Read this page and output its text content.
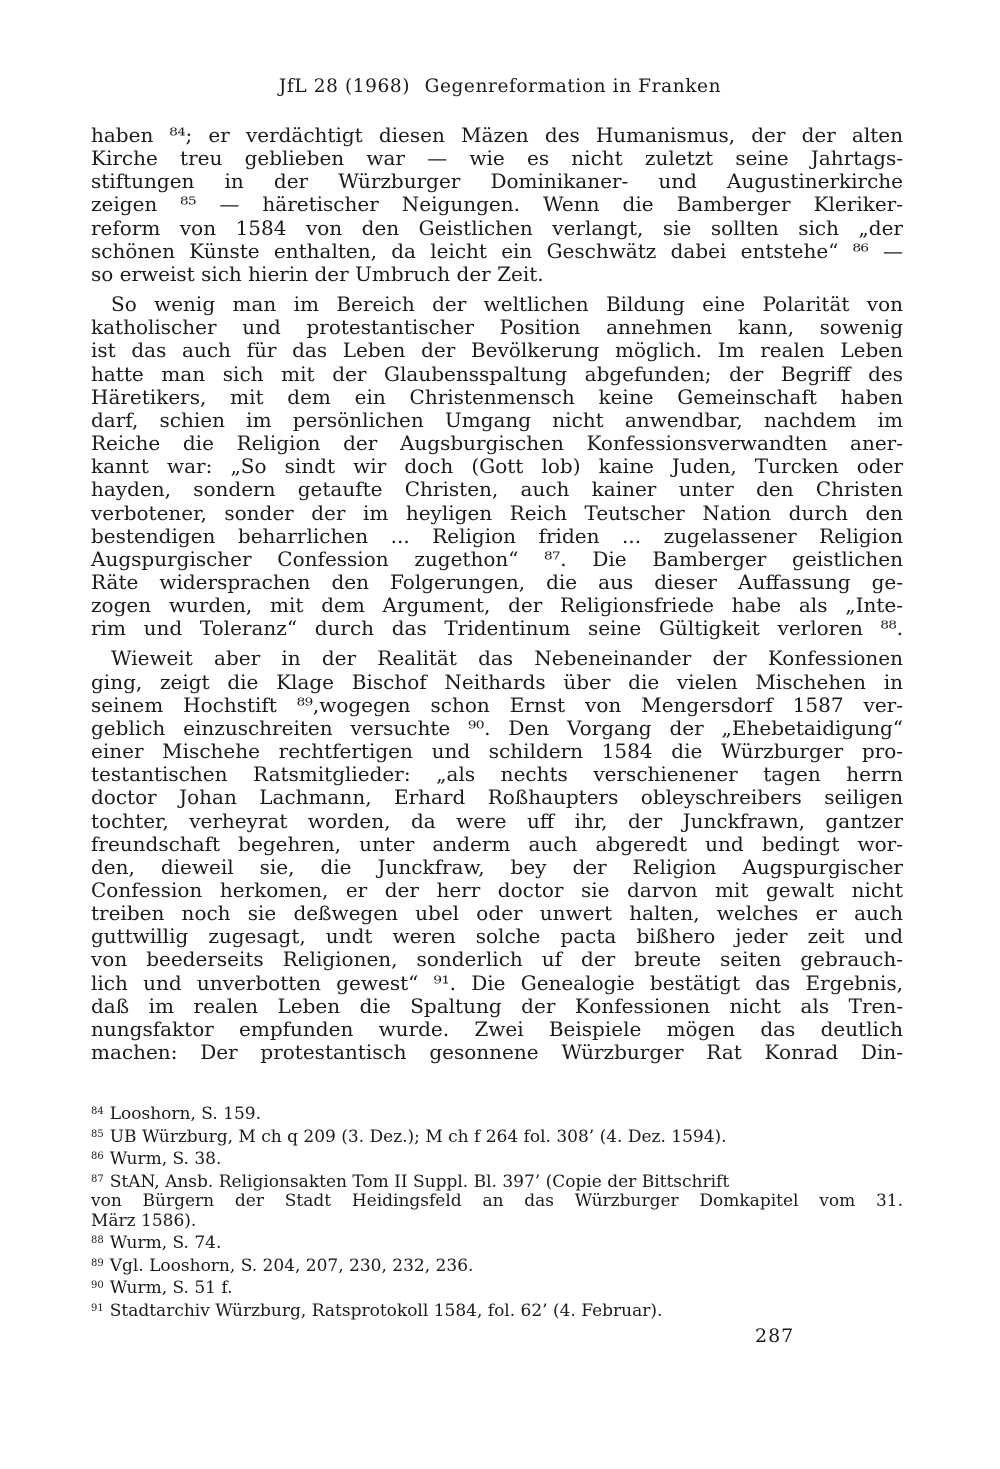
JfL 28 (1968) Gegenreformation in Franken

haben ⁸⁴; er verdächtigt diesen Mäzen des Humanismus, der der alten
Kirche treu geblieben war — wie es nicht zuletzt seine Jahrtags-
stiftungen in der Würzburger Dominikaner- und Augustinerkirche
zeigen ⁸⁵ — häretischer Neigungen. Wenn die Bamberger Kleriker-
reform von 1584 von den Geistlichen verlangt, sie sollten sich „der
schönen Künste enthalten, da leicht ein Geschwätz dabei entstehe“ ⁸⁶ —
so erweist sich hierin der Umbruch der Zeit.

So wenig man im Bereich der weltlichen Bildung eine Polarität von
katholischer und protestantischer Position annehmen kann, sowenig
ist das auch für das Leben der Bevölkerung möglich. Im realen Leben
hatte man sich mit der Glaubensspaltung abgefunden; der Begriff des
Häretikers, mit dem ein Christenmensch keine Gemeinschaft haben
darf, schien im persönlichen Umgang nicht anwendbar, nachdem im
Reiche die Religion der Augsburgischen Konfessionsverwandten aner-
kannt war: „So sindt wir doch (Gott lob) kaine Juden, Turcken oder
hayden, sondern getaufte Christen, auch kainer unter den Christen
verbotener, sonder der im heyligen Reich Teutscher Nation durch den
bestendigen beharrlichen ... Religion friden ... zugelassener Religion
Augspurgischer Confession zugethon“ ⁸⁷. Die Bamberger geistlichen
Räte widersprachen den Folgerungen, die aus dieser Auffassung ge-
zogen wurden, mit dem Argument, der Religionsfriede habe als „Inte-
rim und Toleranz“ durch das Tridentinum seine Gültigkeit verloren ⁸⁸.

Wieweit aber in der Realität das Nebeneinander der Konfessionen
ging, zeigt die Klage Bischof Neithards über die vielen Mischehen in
seinem Hochstift ⁸⁹,wogegen schon Ernst von Mengersdorf 1587 ver-
geblich einzuschreiten versuchte ⁹⁰. Den Vorgang der „Ehebetaidigung“
einer Mischehe rechtfertigen und schildern 1584 die Würzburger pro-
testantischen Ratsmitglieder: „als nechts verschienener tagen herrn
doctor Johan Lachmann, Erhard Roßhaupters obleyschreibers seiligen
tochter, verheyrat worden, da were uff ihr, der Junckfrawn, gantzer
freundschaft begehren, unter anderm auch abgeredt und bedingt wor-
den, dieweil sie, die Junckfraw, bey der Religion Augspurgischer
Confession herkomen, er der herr doctor sie darvon mit gewalt nicht
treiben noch sie deßwegen ubel oder unwert halten, welches er auch
guttwillig zugesagt, undt weren solche pacta bißhero jeder zeit und
von beederseits Religionen, sonderlich uf der breute seiten gebrauch-
lich und unverbotten gewest“ ⁹¹. Die Genealogie bestätigt das Ergebnis,
daß im realen Leben die Spaltung der Konfessionen nicht als Tren-
nungsfaktor empfunden wurde. Zwei Beispiele mögen das deutlich
machen: Der protestantisch gesonnene Würzburger Rat Konrad Din-

$^{84}$ Looshorn, S. 159.

$^{85}$ UB Würzburg, M ch q 209 (3. Dez.); M ch f 264 fol. 308’ (4. Dez. 1594).

$^{86}$ Wurm, S. 38.

$^{87}$ StAN, Ansb. Religionsakten Tom II Suppl. Bl. 397’ (Copie der Bittschrift

von Bürgern der Stadt Heidingsfeld an das Würzburger Domkapitel vom 31.

März 1586).

$^{88}$ Wurm, S. 74.

$^{89}$ Vgl. Looshorn, S. 204, 207, 230, 232, 236.

$^{90}$ Wurm, S. 51 f.

$^{91}$ Stadtarchiv Würzburg, Ratsprotokoll 1584, fol. 62’ (4. Februar).

287
